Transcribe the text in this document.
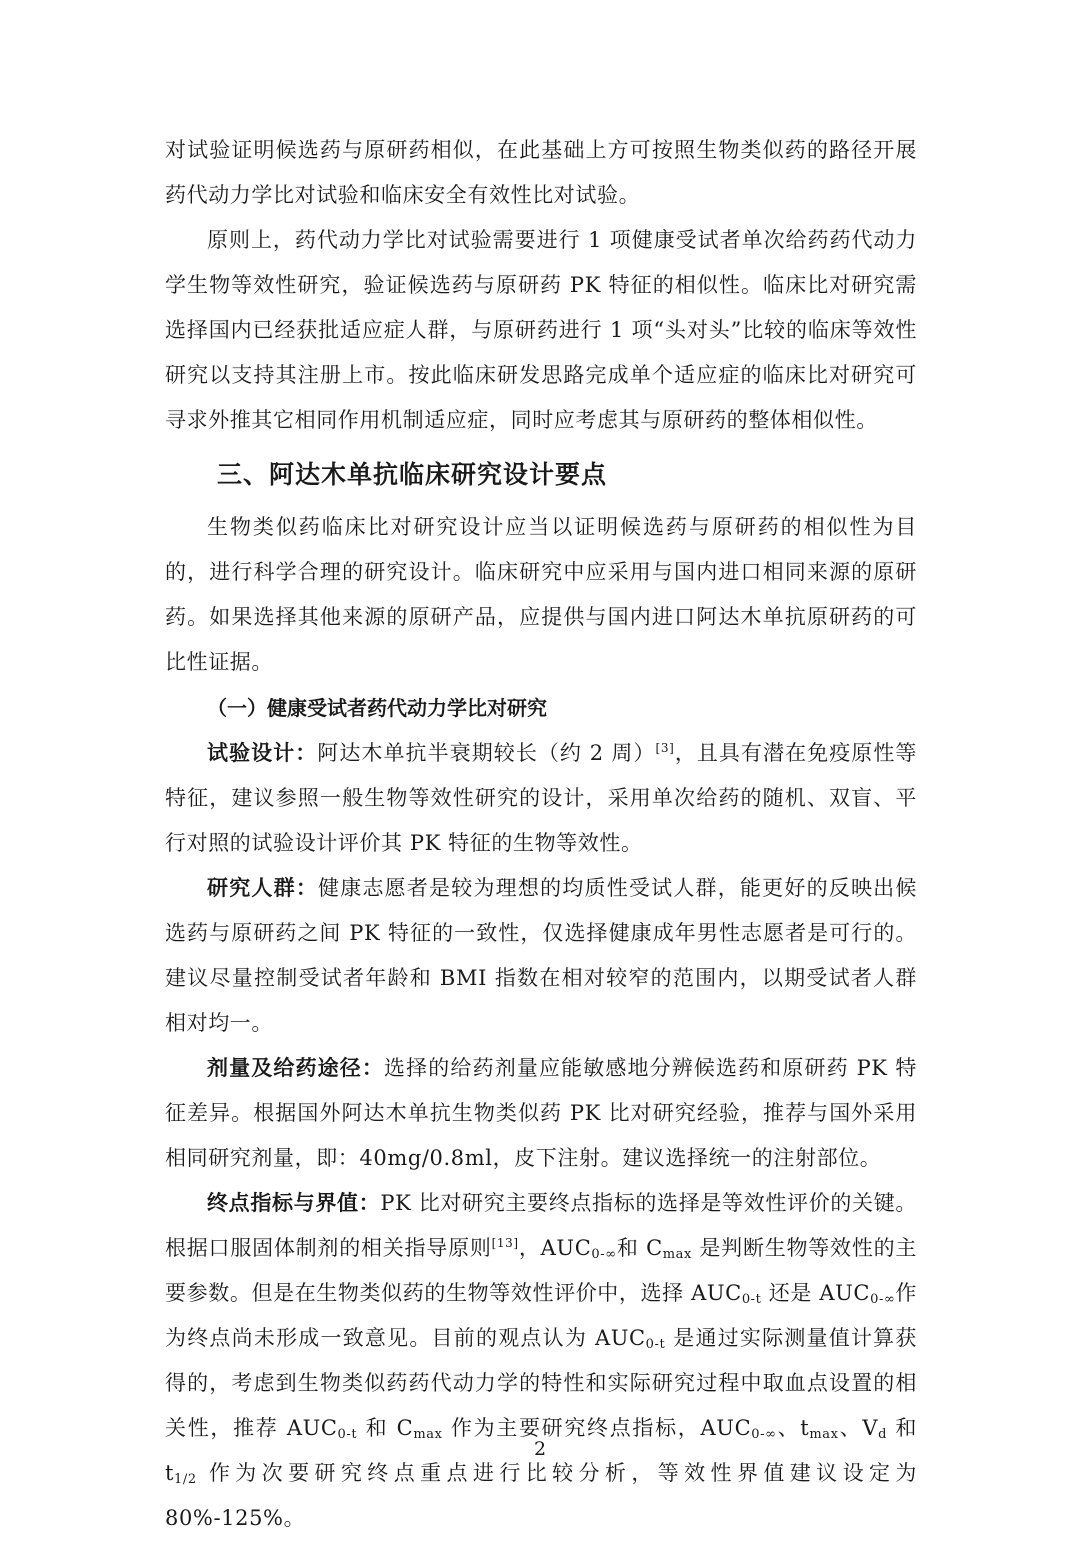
对试验证明候选药与原研药相似，在此基础上方可按照生物类似药的路径开展药代动力学比对试验和临床安全有效性比对试验。

原则上，药代动力学比对试验需要进行 1 项健康受试者单次给药药代动力学生物等效性研究，验证候选药与原研药 PK 特征的相似性。临床比对研究需选择国内已经获批适应症人群，与原研药进行 1 项“头对头”比较的临床等效性研究以支持其注册上市。按此临床研发思路完成单个适应症的临床比对研究可寻求外推其它相同作用机制适应症，同时应考虑其与原研药的整体相似性。

三、阿达木单抗临床研究设计要点

生物类似药临床比对研究设计应当以证明候选药与原研药的相似性为目的，进行科学合理的研究设计。临床研究中应采用与国内进口相同来源的原研药。如果选择其他来源的原研产品，应提供与国内进口阿达木单抗原研药的可比性证据。

（一）健康受试者药代动力学比对研究

试验设计：阿达木单抗半衰期较长（约 2 周）[3]，且具有潜在免疫原性等特征，建议参照一般生物等效性研究的设计，采用单次给药的随机、双盲、平行对照的试验设计评价其 PK 特征的生物等效性。

研究人群：健康志愿者是较为理想的均质性受试人群，能更好的反映出候选药与原研药之间 PK 特征的一致性，仅选择健康成年男性志愿者是可行的。建议尽量控制受试者年龄和 BMI 指数在相对较窄的范围内，以期受试者人群相对均一。

剂量及给药途径：选择的给药剂量应能敏感地分辨候选药和原研药 PK 特征差异。根据国外阿达木单抗生物类似药 PK 比对研究经验，推荐与国外采用相同研究剂量，即：40mg/0.8ml，皮下注射。建议选择统一的注射部位。

终点指标与界值：PK 比对研究主要终点指标的选择是等效性评价的关键。根据口服固体制剂的相关指导原则[13]，$AUC_{0-\infty}$和 $C_{max}$ 是判断生物等效性的主要参数。但是在生物类似药的生物等效性评价中，选择 $AUC_{0-t}$ 还是 $AUC_{0-\infty}$作为终点尚未形成一致意见。目前的观点认为 $AUC_{0-t}$ 是通过实际测量值计算获得的，考虑到生物类似药药代动力学的特性和实际研究过程中取血点设置的相关性，推荐 $AUC_{0-t}$ 和 $C_{max}$ 作为主要研究终点指标，$AUC_{0-\infty}$、$t_{max}$、$V_d$ 和 $t_{1/2}$ 作为次要研究终点重点进行比较分析，等效性界值建议设定为 80%-125%。

2
